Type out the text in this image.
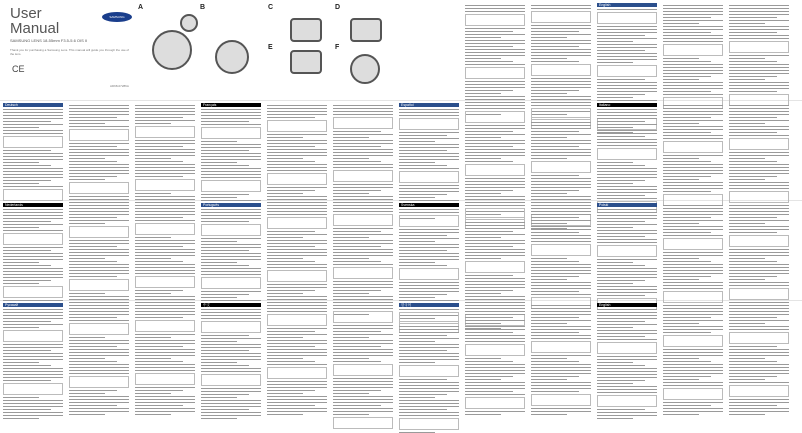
User
Manual
SAMSUNG
SAMSUNG LENS 18-55mm F3.5-5.6 OIS II
Thank you for purchasing a Samsung Lens. This manual will guide you through the use of the lens.
CE
AD68-07286A
A	B	C	D
E	F
English
Deutsch	Français	Español	Italiano
Nederlands	Português	Svenska	Polski
Русский	中文	한국어	English
